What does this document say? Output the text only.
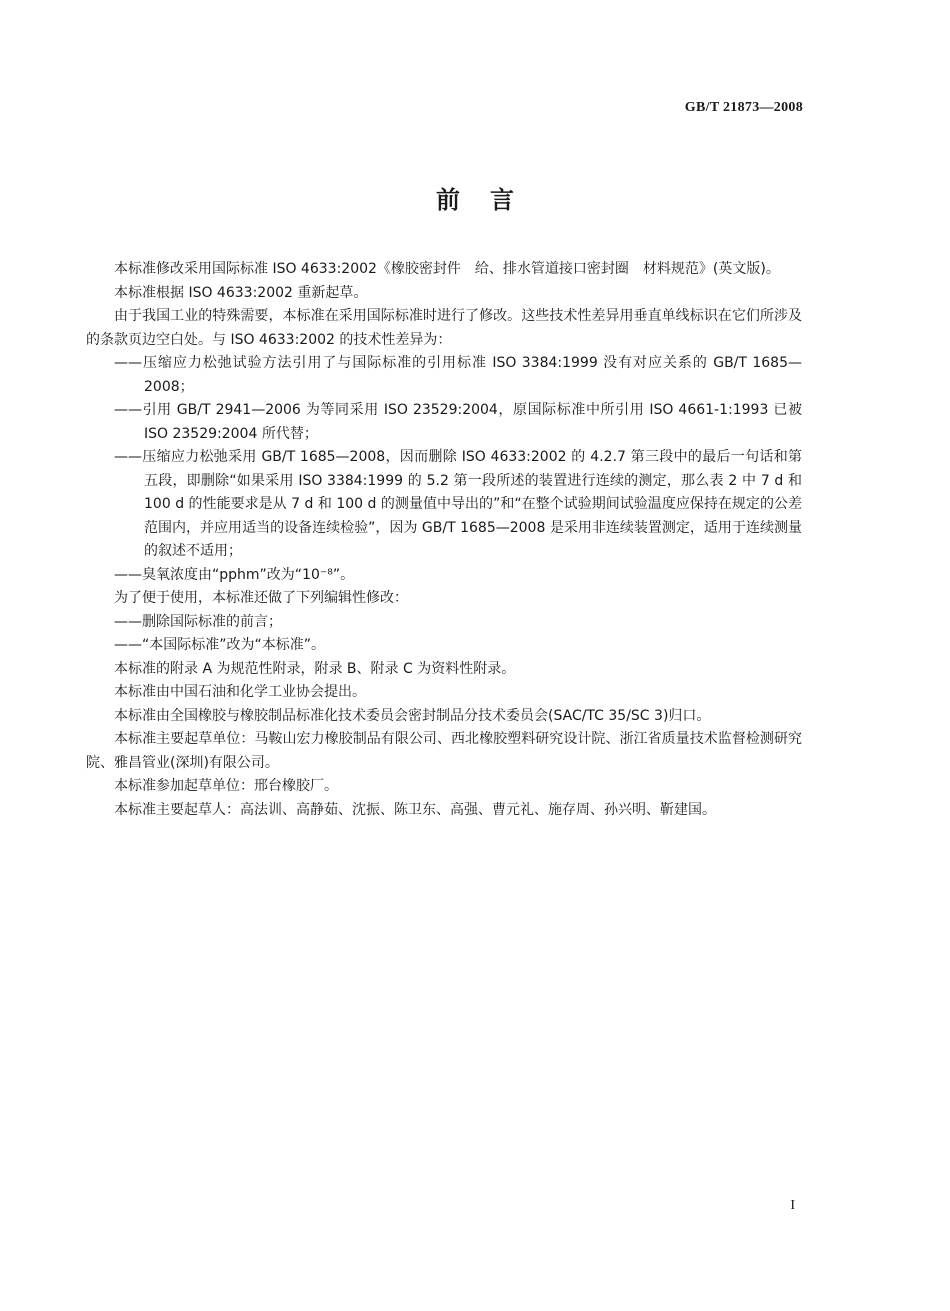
GB/T 21873—2008
前言

本标准修改采用国际标准 ISO 4633:2002《橡胶密封件　给、排水管道接口密封圈　材料规范》(英文版)。

本标准根据 ISO 4633:2002 重新起草。

由于我国工业的特殊需要，本标准在采用国际标准时进行了修改。这些技术性差异用垂直单线标识在它们所涉及的条款页边空白处。与 ISO 4633:2002 的技术性差异为：

——压缩应力松弛试验方法引用了与国际标准的引用标准 ISO 3384:1999 没有对应关系的 GB/T 1685—2008；

——引用 GB/T 2941—2006 为等同采用 ISO 23529:2004，原国际标准中所引用 ISO 4661-1:1993 已被 ISO 23529:2004 所代替；

——压缩应力松弛采用 GB/T 1685—2008，因而删除 ISO 4633:2002 的 4.2.7 第三段中的最后一句话和第五段，即删除“如果采用 ISO 3384:1999 的 5.2 第一段所述的装置进行连续的测定，那么表 2 中 7 d 和 100 d 的性能要求是从 7 d 和 100 d 的测量值中导出的”和“在整个试验期间试验温度应保持在规定的公差范围内，并应用适当的设备连续检验”，因为 GB/T 1685—2008 是采用非连续装置测定，适用于连续测量的叙述不适用；

——臭氧浓度由“pphm”改为“10⁻⁸”。

为了便于使用，本标准还做了下列编辑性修改：

——删除国际标准的前言；

——“本国际标准”改为“本标准”。

本标准的附录 A 为规范性附录，附录 B、附录 C 为资料性附录。

本标准由中国石油和化学工业协会提出。

本标准由全国橡胶与橡胶制品标准化技术委员会密封制品分技术委员会(SAC/TC 35/SC 3)归口。

本标准主要起草单位：马鞍山宏力橡胶制品有限公司、西北橡胶塑料研究设计院、浙江省质量技术监督检测研究院、雅昌管业(深圳)有限公司。

本标准参加起草单位：邢台橡胶厂。

本标准主要起草人：高法训、高静茹、沈振、陈卫东、高强、曹元礼、施存周、孙兴明、靳建国。

I
